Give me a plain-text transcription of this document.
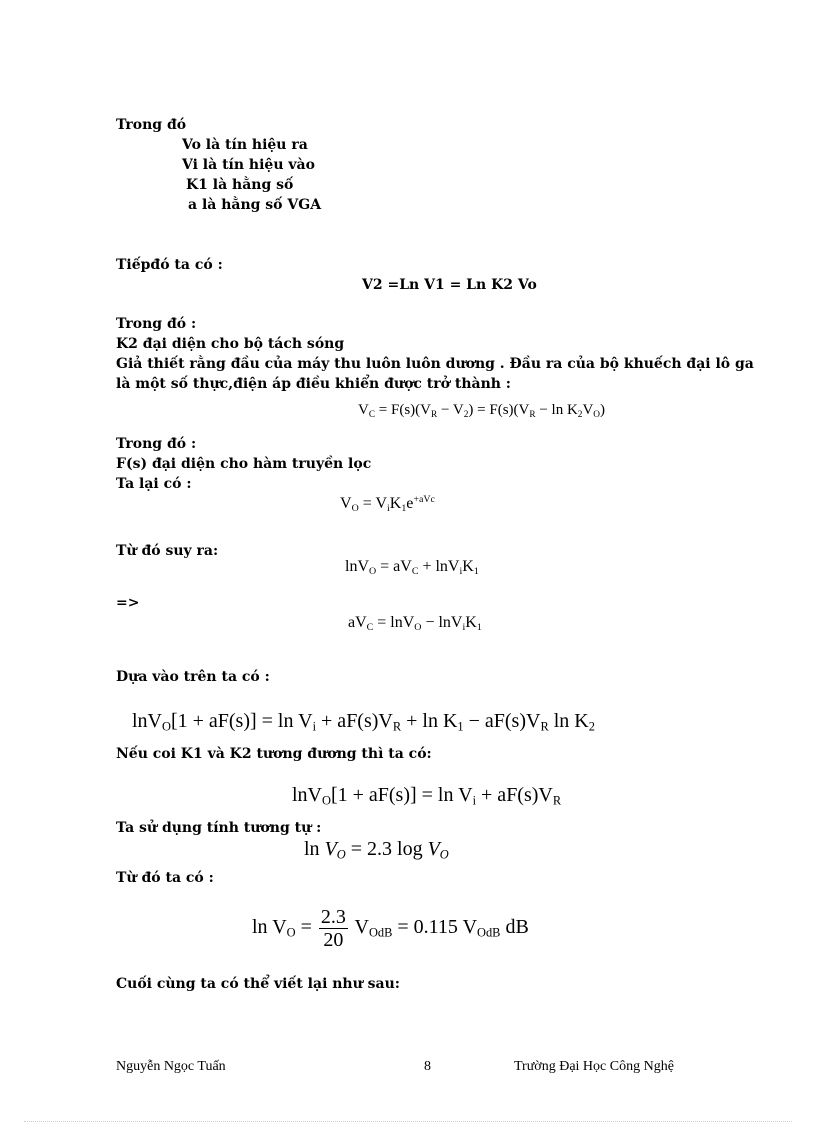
Trong đó
Vo là tín hiệu ra
Vi là tín hiệu vào
K1 là hằng số
a là hằng số VGA
Tiếpđó ta có :
V2 =Ln V1 = Ln K2 Vo
Trong đó :
K2 đại diện cho bộ tách sóng
Giả thiết rằng đầu của máy thu luôn luôn dương . Đầu ra của bộ khuếch đại lô ga
là một số thực,điện áp điều khiển được trở thành :
$V_C = F(s)(V_R - V_2) = F(s)(V_R - \ln K_2V_O)$
Trong đó :
F(s) đại diện cho hàm truyền lọc
Ta lại có :
$V_O = V_iK_1e^{+aVc}$
Từ đó suy ra:
$\ln V_O = aV_C + \ln V_iK_1$
=>
$aV_C = \ln V_O - \ln V_iK_1$
Dựa vào trên ta có :
$\ln V_O[1 + aF(s)] = \ln V_i + aF(s)V_R + \ln K_1 - aF(s)V_R$ $\ln K_2$
Nếu coi K1 và K2 tương đương thì ta có:
$\ln V_O[1 + aF(s)] = \ln V_i + aF(s)V_R$
Ta sử dụng tính tương tự :
$\ln V_O = 2.3$ $\log V_O$
Từ đó ta có :
$\ln V_O = \frac{2.3}{20} V_{OdB} = 0.115$ $V_{OdB}$ dB
Cuối cùng ta có thể viết lại như sau:
Nguyễn Ngọc Tuấn	8	Trường Đại Học Công Nghệ
